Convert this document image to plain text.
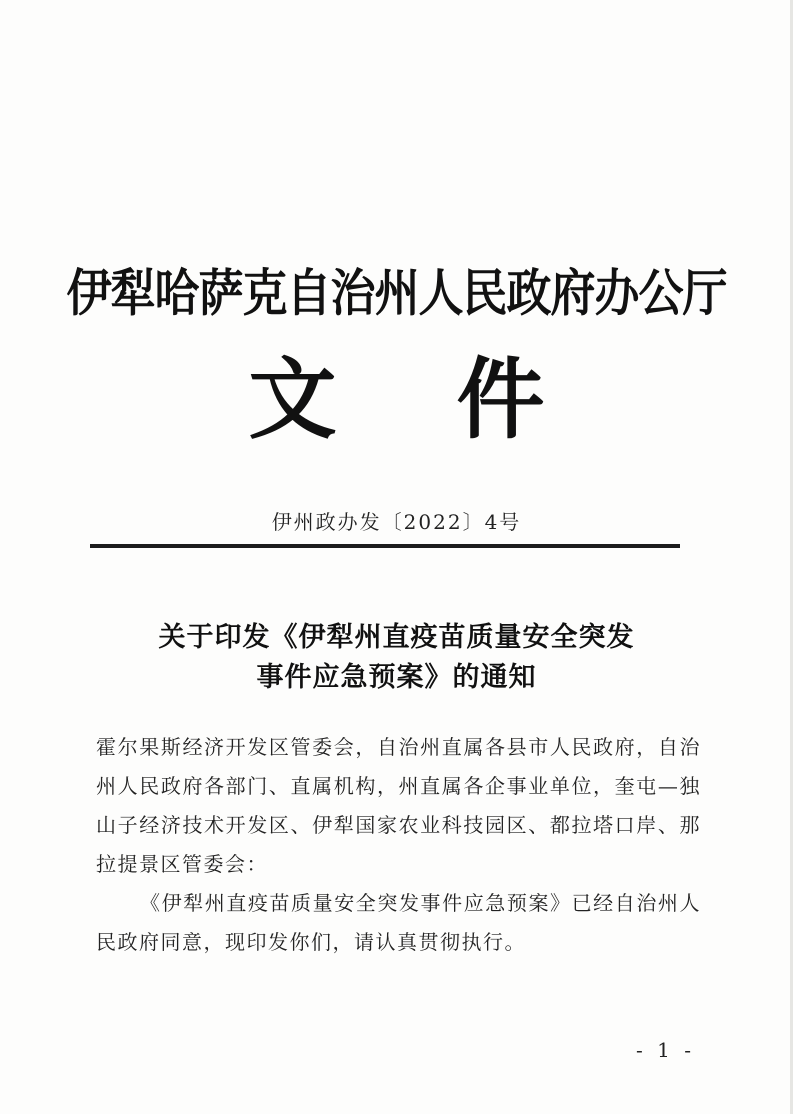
伊犁哈萨克自治州人民政府办公厅
文件
伊州政办发〔2022〕4号
关于印发《伊犁州直疫苗质量安全突发
事件应急预案》的通知

霍尔果斯经济开发区管委会，自治州直属各县市人民政府，自治州人民政府各部门、直属机构，州直属各企事业单位，奎屯—独山子经济技术开发区、伊犁国家农业科技园区、都拉塔口岸、那拉提景区管委会：

《伊犁州直疫苗质量安全突发事件应急预案》已经自治州人民政府同意，现印发你们，请认真贯彻执行。

- 1 -
